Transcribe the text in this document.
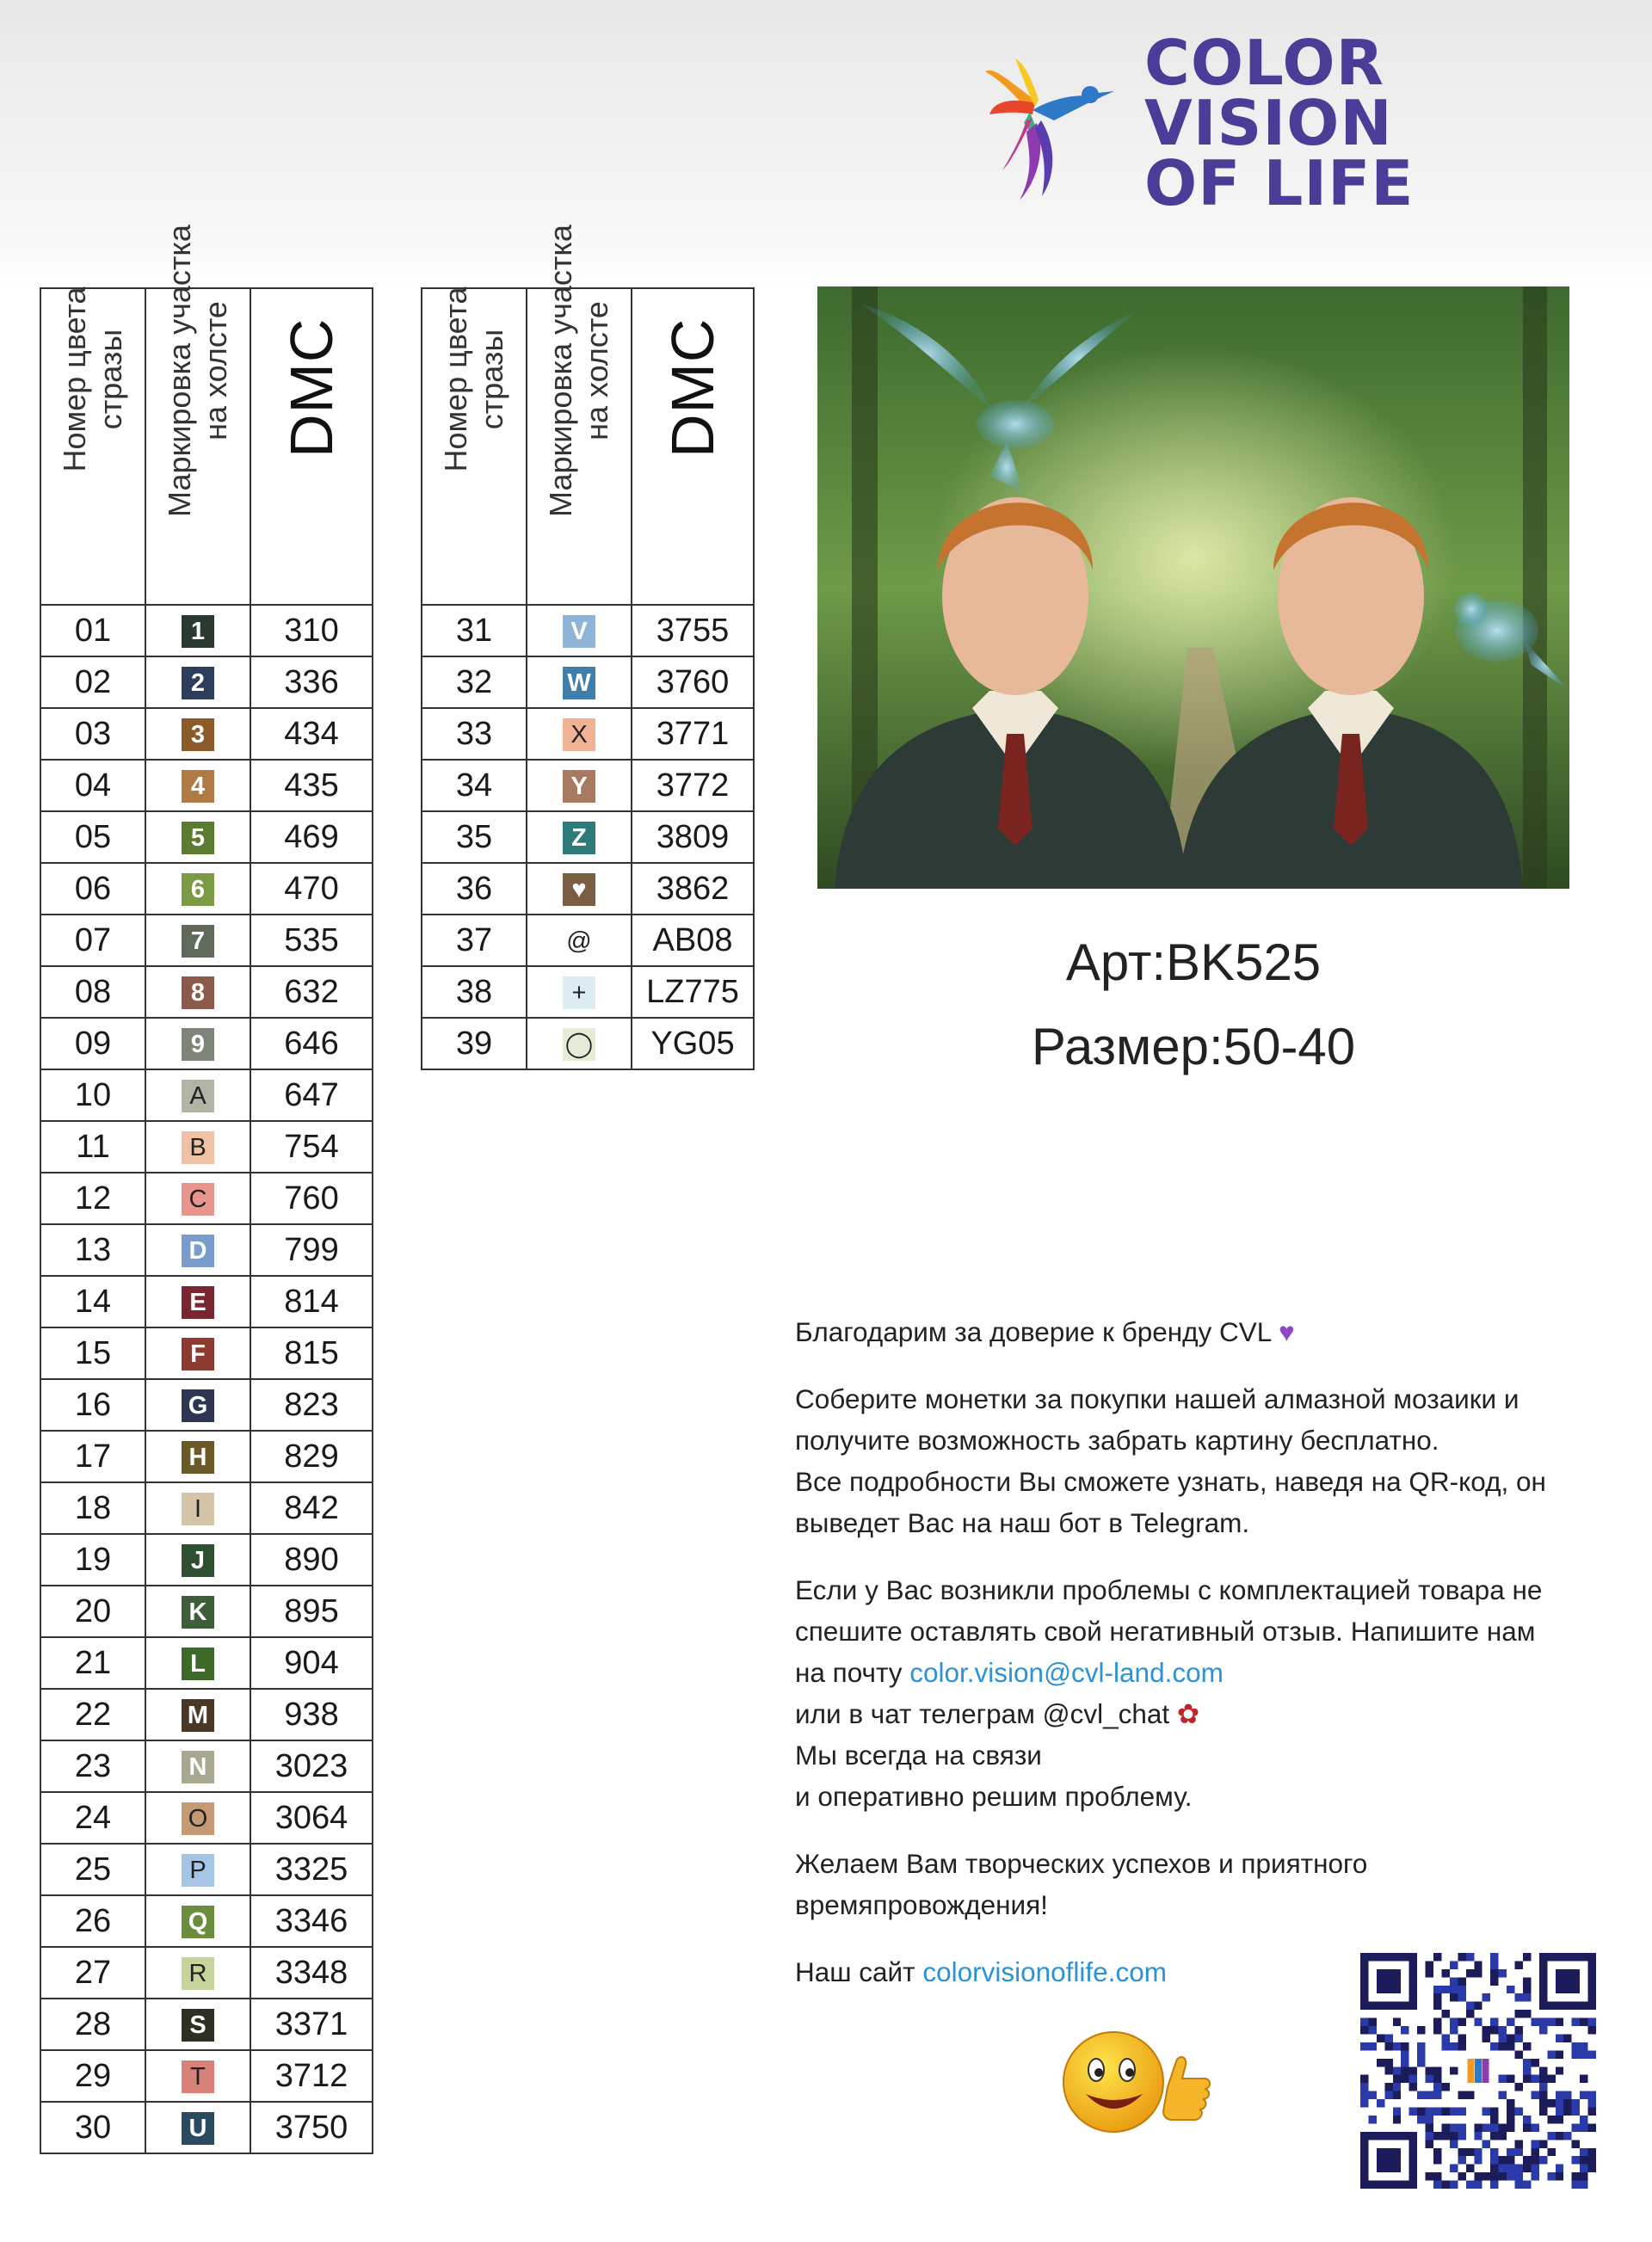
COLOR
VISION
OF LIFE
Номер цвета стразы	Маркировка участка на холсте	DMC

01	1	310
02	2	336
03	3	434
04	4	435
05	5	469
06	6	470
07	7	535
08	8	632
09	9	646
10	A	647
11	B	754
12	C	760
13	D	799
14	E	814
15	F	815
16	G	823
17	H	829
18	I	842
19	J	890
20	K	895
21	L	904
22	M	938
23	N	3023
24	O	3064
25	P	3325
26	Q	3346
27	R	3348
28	S	3371
29	T	3712
30	U	3750
Номер цвета стразы	Маркировка участка на холсте	DMC

31	V	3755
32	W	3760
33	X	3771
34	Y	3772
35	Z	3809
36	♥	3862
37	@	AB08
38	+	LZ775
39	◯	YG05
Арт:BK525
Размер:50-40

Благодарим за доверие к бренду CVL ♥

Соберите монетки за покупки нашей алмазной мозаики и
получите возможность забрать картину бесплатно.
Все подробности Вы сможете узнать, наведя на QR-код, он
выведет Вас на наш бот в Telegram.

Если у Вас возникли проблемы с комплектацией товара не
спешите оставлять свой негативный отзыв. Напишите нам
на почту color.vision@cvl-land.com
или в чат телеграм @cvl_chat ✿
Мы всегда на связи
и оперативно решим проблему.

Желаем Вам творческих успехов и приятного
времяпровождения!

Наш сайт colorvisionoflife.com
